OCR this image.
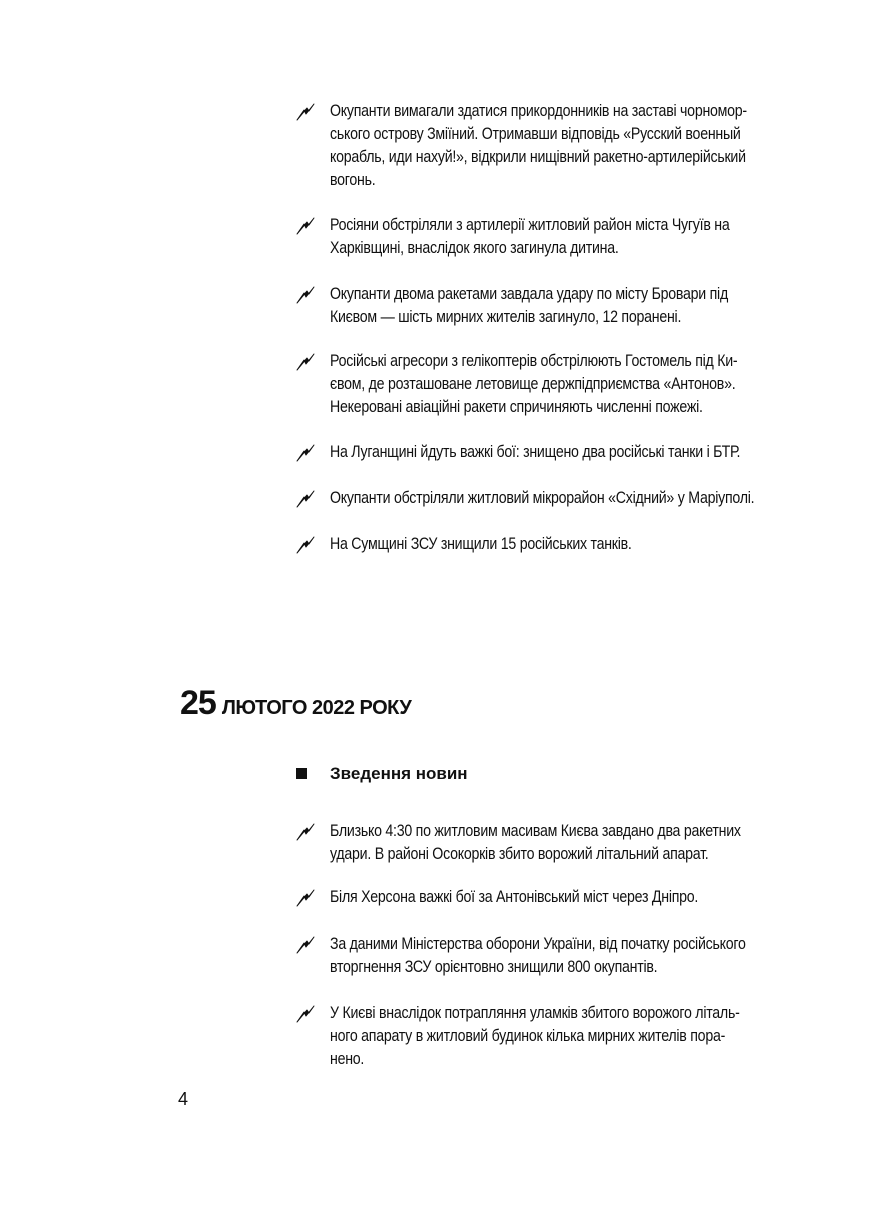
Окупанти вимагали здатися прикордонників на заставі чорномор-
ського острову Зміїний. Отримавши відповідь «Русский военный
корабль, иди нахуй!», відкрили нищівний ракетно-артилерійський
вогонь.
Росіяни обстріляли з артилерії житловий район міста Чугуїв на
Харківщині, внаслідок якого загинула дитина.
Окупанти двома ракетами завдала удару по місту Бровари під
Києвом — шість мирних жителів загинуло, 12 поранені.
Російські агресори з гелікоптерів обстрілюють Гостомель під Ки-
євом, де розташоване летовище держпідприємства «Антонов».
Некеровані авіаційні ракети спричиняють численні пожежі.
На Луганщині йдуть важкі бої: знищено два російські танки і БТР.
Окупанти обстріляли житловий мікрорайон «Східний» у Маріуполі.
На Сумщині ЗСУ знищили 15 російських танків.
25 ЛЮТОГО 2022 РОКУ
Зведення новин
Близько 4:30 по житловим масивам Києва завдано два ракетних
удари. В районі Осокорків збито ворожий літальний апарат.
Біля Херсона важкі бої за Антонівський міст через Дніпро.
За даними Міністерства оборони України, від початку російського
вторгнення ЗСУ орієнтовно знищили 800 окупантів.
У Києві внаслідок потрапляння уламків збитого ворожого літаль-
ного апарату в житловий будинок кілька мирних жителів пора-
нено.
4
